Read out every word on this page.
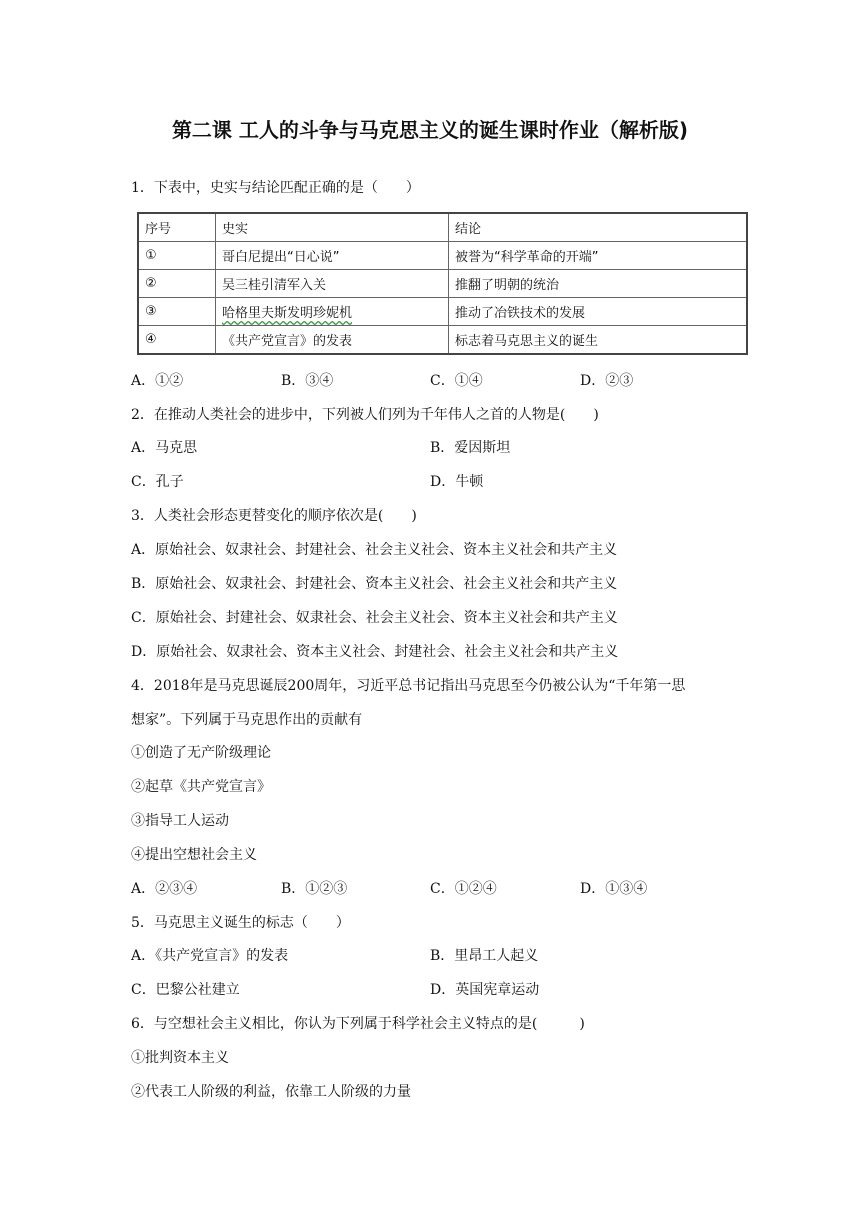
第二课 工人的斗争与马克思主义的诞生课时作业（解析版)
1．下表中，史实与结论匹配正确的是（　　）
序号	史实	结论
①	哥白尼提出“日心说”	被誉为“科学革命的开端”
②	吴三桂引清军入关	推翻了明朝的统治
③	哈格里夫斯发明珍妮机	推动了冶铁技术的发展
④	《共产党宣言》的发表	标志着马克思主义的诞生
A．①②	B．③④	C．①④	D．②③
2．在推动人类社会的进步中，下列被人们列为千年伟人之首的人物是(　　)
A．马克思	B．爱因斯坦
C．孔子	D．牛顿
3．人类社会形态更替变化的顺序依次是(　　)
A．原始社会、奴隶社会、封建社会、社会主义社会、资本主义社会和共产主义
B．原始社会、奴隶社会、封建社会、资本主义社会、社会主义社会和共产主义
C．原始社会、封建社会、奴隶社会、社会主义社会、资本主义社会和共产主义
D．原始社会、奴隶社会、资本主义社会、封建社会、社会主义社会和共产主义
4．2018年是马克思诞辰200周年，习近平总书记指出马克思至今仍被公认为“千年第一思
想家”。下列属于马克思作出的贡献有
①创造了无产阶级理论
②起草《共产党宣言》
③指导工人运动
④提出空想社会主义
A．②③④	B．①②③	C．①②④	D．①③④
5．马克思主义诞生的标志（　　）
A．《共产党宣言》的发表	B．里昂工人起义
C．巴黎公社建立	D．英国宪章运动
6．与空想社会主义相比，你认为下列属于科学社会主义特点的是(　　　)
①批判资本主义
②代表工人阶级的利益，依靠工人阶级的力量
